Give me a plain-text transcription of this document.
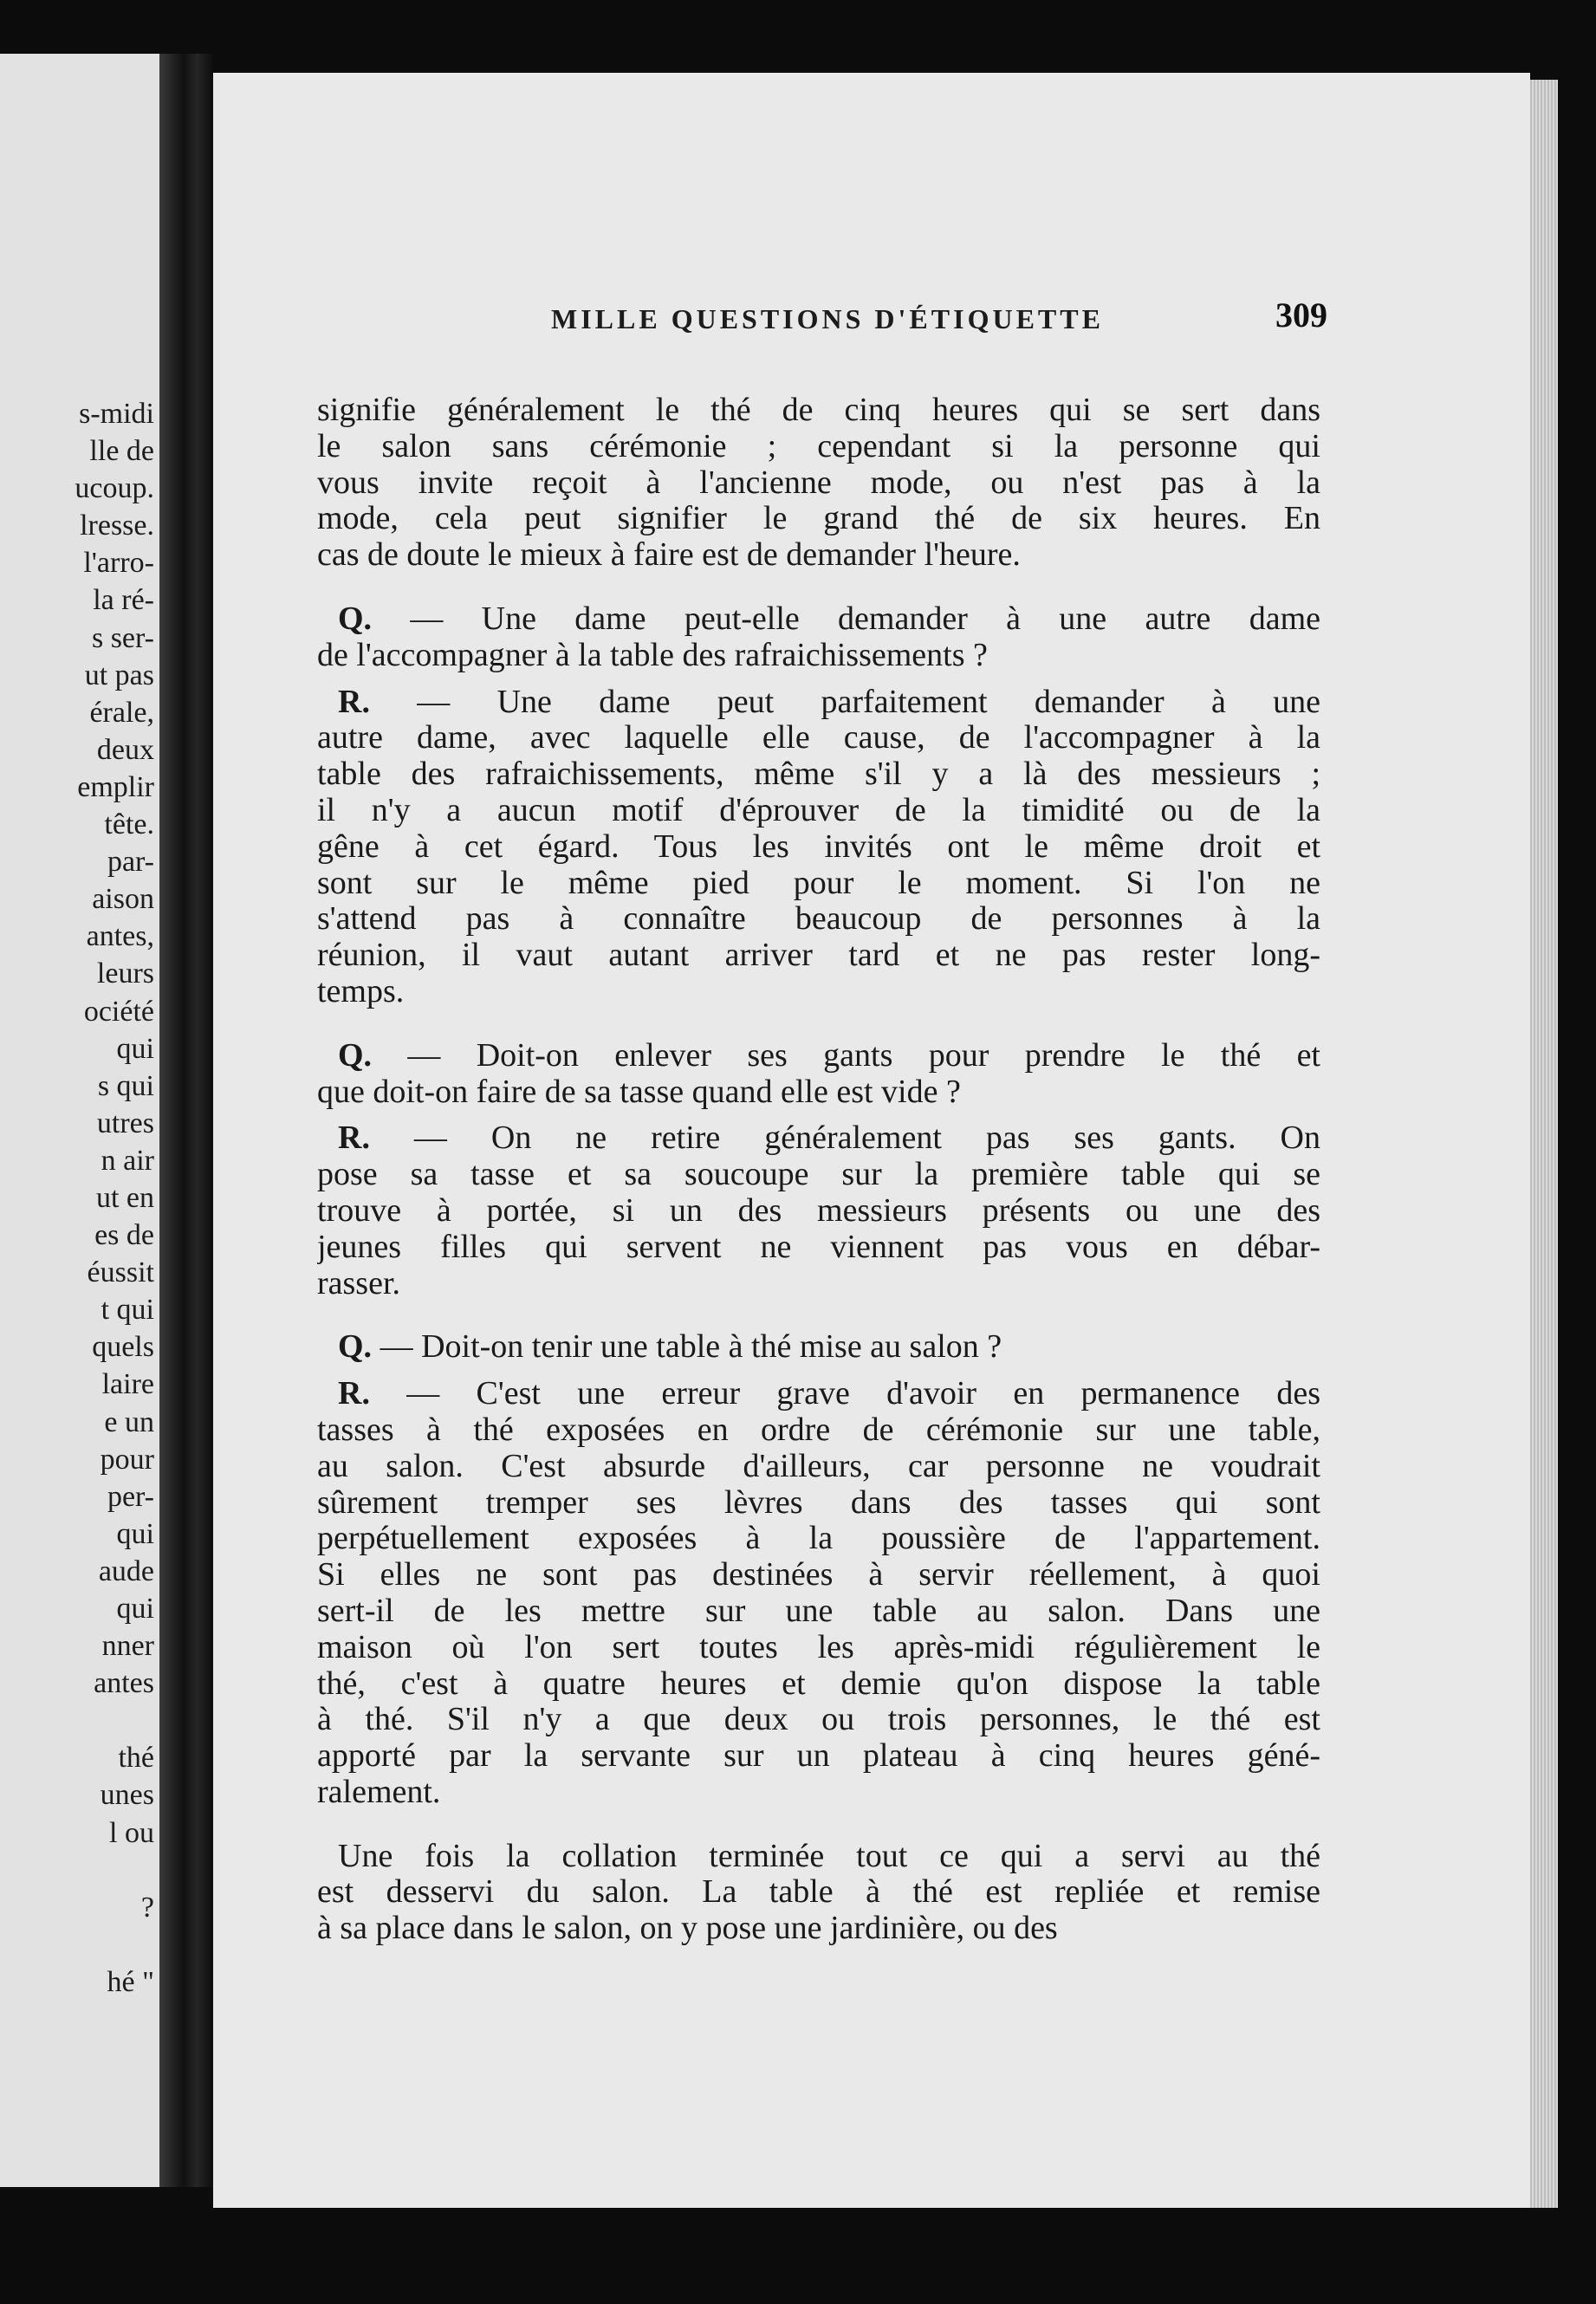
s-midi
lle de
ucoup.
lresse.
l'arro-
la ré-
s ser-
ut pas
érale,
deux
emplir
tête.
par-
aison
antes,
leurs
ociété
qui
s qui
utres
n air
ut en
es de
éussit
t qui
quels
laire
e un
pour
per-
qui
aude
qui
nner
antes
thé
unes
l ou
?
hé "
MILLE QUESTIONS D'ÉTIQUETTE	309
signifie généralement le thé de cinq heures qui se sert dans
le salon sans cérémonie ; cependant si la personne qui
vous invite reçoit à l'ancienne mode, ou n'est pas à la
mode, cela peut signifier le grand thé de six heures. En
cas de doute le mieux à faire est de demander l'heure.
Q. — Une dame peut-elle demander à une autre dame
de l'accompagner à la table des rafraichissements ?
R. — Une dame peut parfaitement demander à une
autre dame, avec laquelle elle cause, de l'accompagner à la
table des rafraichissements, même s'il y a là des messieurs ;
il n'y a aucun motif d'éprouver de la timidité ou de la
gêne à cet égard. Tous les invités ont le même droit et
sont sur le même pied pour le moment. Si l'on ne
s'attend pas à connaître beaucoup de personnes à la
réunion, il vaut autant arriver tard et ne pas rester long-
temps.
Q. — Doit-on enlever ses gants pour prendre le thé et
que doit-on faire de sa tasse quand elle est vide ?
R. — On ne retire généralement pas ses gants. On
pose sa tasse et sa soucoupe sur la première table qui se
trouve à portée, si un des messieurs présents ou une des
jeunes filles qui servent ne viennent pas vous en débar-
rasser.
Q. — Doit-on tenir une table à thé mise au salon ?
R. — C'est une erreur grave d'avoir en permanence des
tasses à thé exposées en ordre de cérémonie sur une table,
au salon. C'est absurde d'ailleurs, car personne ne voudrait
sûrement tremper ses lèvres dans des tasses qui sont
perpétuellement exposées à la poussière de l'appartement.
Si elles ne sont pas destinées à servir réellement, à quoi
sert-il de les mettre sur une table au salon. Dans une
maison où l'on sert toutes les après-midi régulièrement le
thé, c'est à quatre heures et demie qu'on dispose la table
à thé. S'il n'y a que deux ou trois personnes, le thé est
apporté par la servante sur un plateau à cinq heures géné-
ralement.
Une fois la collation terminée tout ce qui a servi au thé
est desservi du salon. La table à thé est repliée et remise
à sa place dans le salon, on y pose une jardinière, ou des
